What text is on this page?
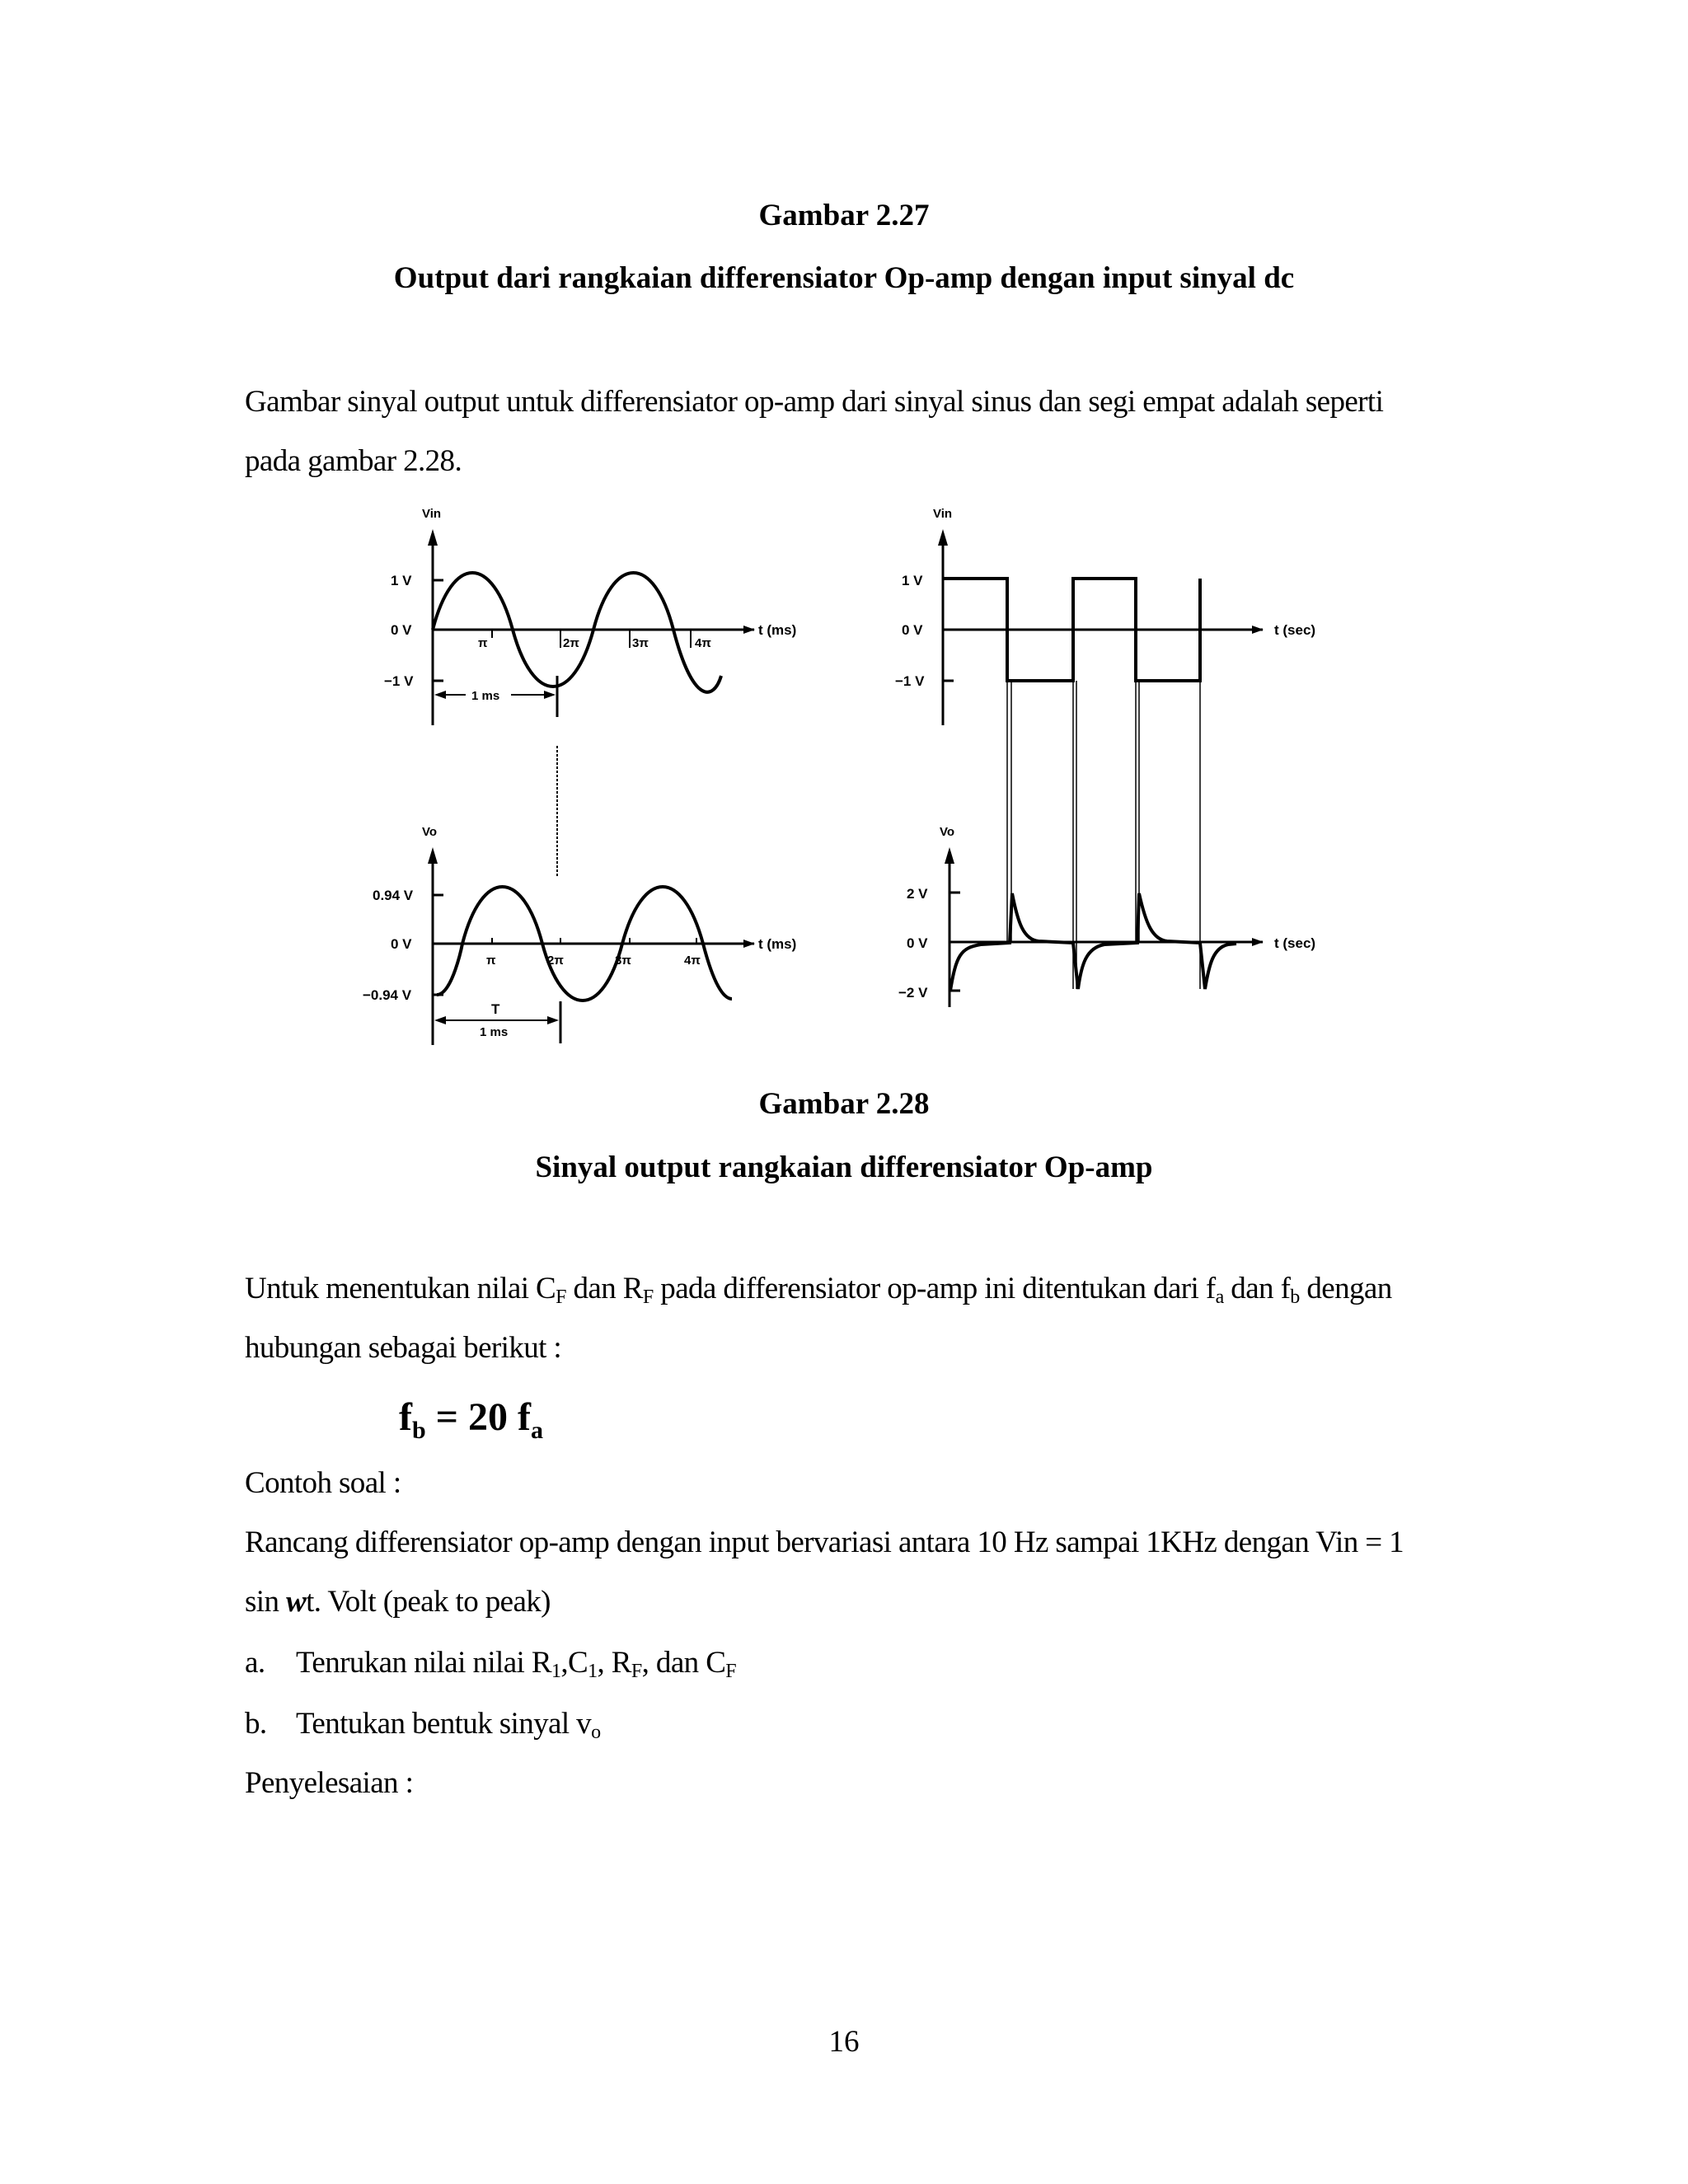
Gambar 2.27
Output dari rangkaian differensiator Op-amp dengan input sinyal dc
Gambar sinyal output untuk differensiator op-amp dari sinyal sinus dan segi empat adalah seperti
pada gambar 2.28.
Vin
1 V
0 V
−1 V
t (ms)
π	2π	3π	4π
1 ms
Vo
0.94 V
0 V
−0.94 V
t (ms)
π	2π	3π	4π
T
1 ms
Vin
1 V
0 V
−1 V
t (sec)
Vo
2 V
0 V
−2 V
t (sec)
Gambar 2.28
Sinyal output rangkaian differensiator Op-amp
Untuk menentukan nilai $C_F$ dan $R_F$ pada differensiator op-amp ini ditentukan dari $f_a$ dan $f_b$ dengan
hubungan sebagai berikut :
$f_b = 20$ $f_a$
Contoh soal :
Rancang differensiator op-amp dengan input bervariasi antara 10 Hz sampai 1KHz dengan Vin = 1
sin wt. Volt (peak to peak)
a. Tenrukan nilai nilai $R_1,C_1$, $R_F$, dan $C_F$
b. Tentukan bentuk sinyal $v_o$
Penyelesaian :
16
